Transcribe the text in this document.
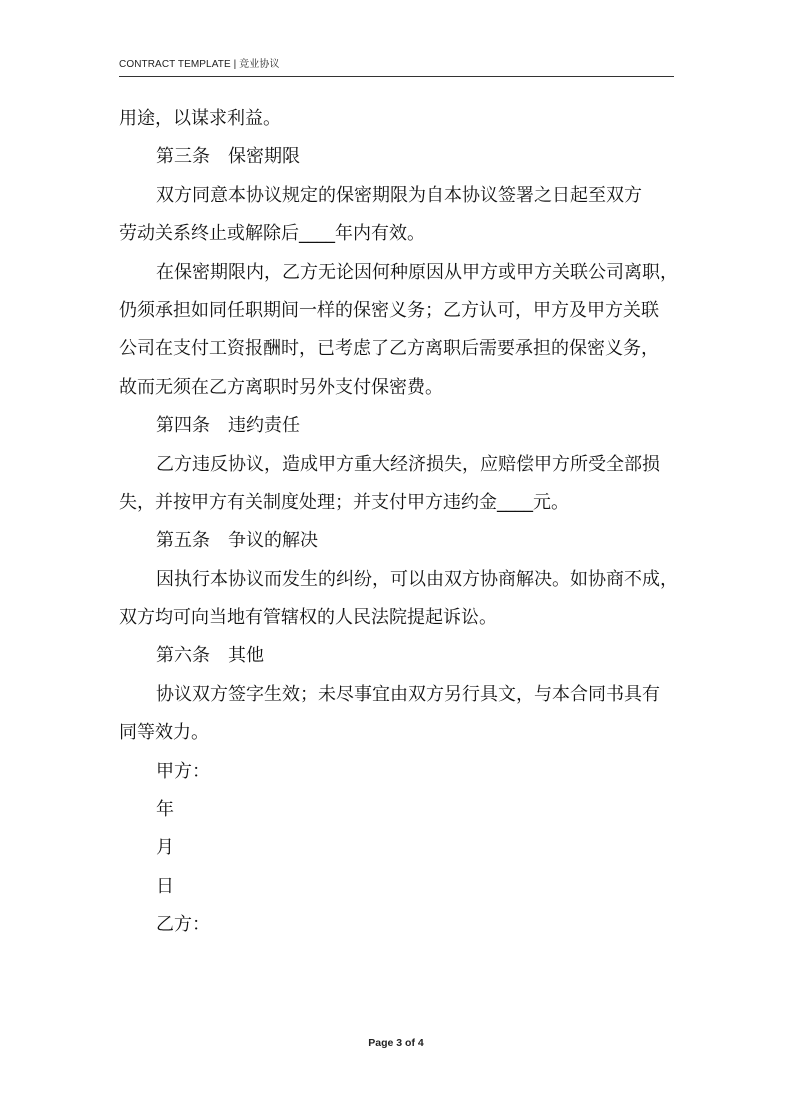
CONTRACT TEMPLATE | 竞业协议
用途，以谋求利益。
第三条　保密期限
双方同意本协议规定的保密期限为自本协议签署之日起至双方
劳动关系终止或解除后____年内有效。
在保密期限内，乙方无论因何种原因从甲方或甲方关联公司离职，
仍须承担如同任职期间一样的保密义务；乙方认可，甲方及甲方关联
公司在支付工资报酬时，已考虑了乙方离职后需要承担的保密义务，
故而无须在乙方离职时另外支付保密费。
第四条　违约责任
乙方违反协议，造成甲方重大经济损失，应赔偿甲方所受全部损
失，并按甲方有关制度处理；并支付甲方违约金____元。
第五条　争议的解决
因执行本协议而发生的纠纷，可以由双方协商解决。如协商不成，
双方均可向当地有管辖权的人民法院提起诉讼。
第六条　其他
协议双方签字生效；未尽事宜由双方另行具文，与本合同书具有
同等效力。
甲方：
年
月
日
乙方：
Page 3 of 4
